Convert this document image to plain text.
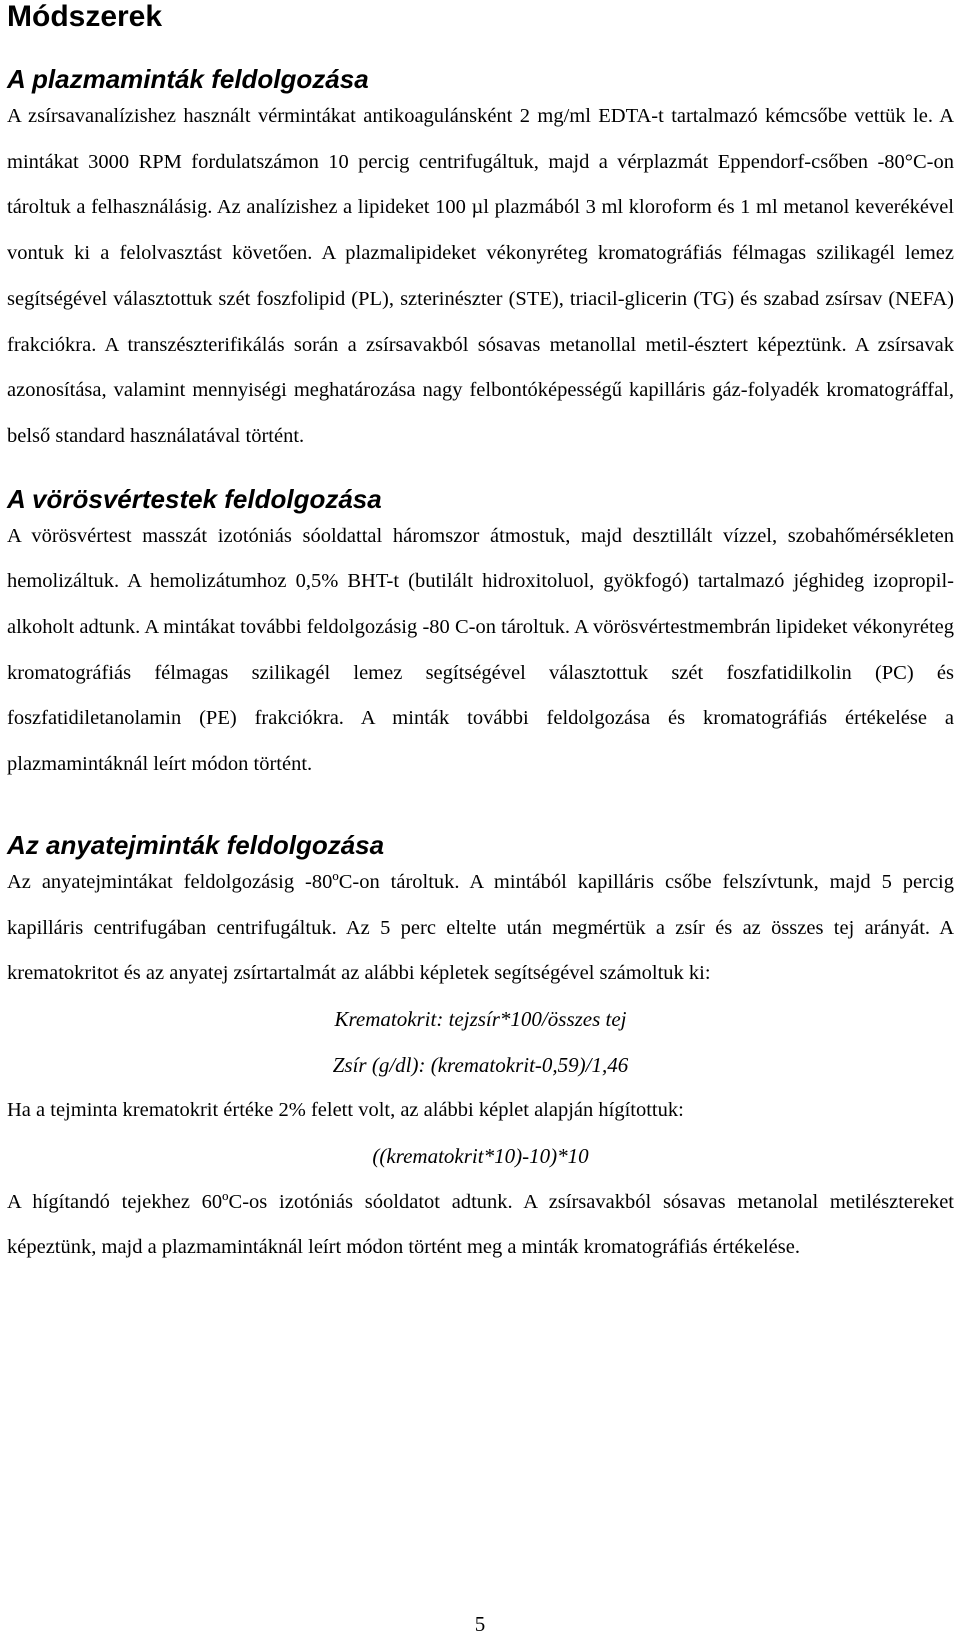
Módszerek
A plazmaminták feldolgozása

A zsírsavanalízishez használt vérmintákat antikoagulánsként 2 mg/ml EDTA-t tartalmazó kémcsőbe vettük le. A mintákat 3000 RPM fordulatszámon 10 percig centrifugáltuk, majd a vérplazmát Eppendorf-csőben -80°C-on tároltuk a felhasználásig. Az analízishez a lipideket 100 µl plazmából 3 ml kloroform és 1 ml metanol keverékével vontuk ki a felolvasztást követően. A plazmalipideket vékonyréteg kromatográfiás félmagas szilikagél lemez segítségével választottuk szét foszfolipid (PL), szterinészter (STE), triacil-glicerin (TG) és szabad zsírsav (NEFA) frakciókra. A transzészterifikálás során a zsírsavakból sósavas metanollal metil-észtert képeztünk. A zsírsavak azonosítása, valamint mennyiségi meghatározása nagy felbontóképességű kapilláris gáz-folyadék kromatográffal, belső standard használatával történt.

A vörösvértestek feldolgozása

A vörösvértest masszát izotóniás sóoldattal háromszor átmostuk, majd desztillált vízzel, szobahőmérsékleten hemolizáltuk. A hemolizátumhoz 0,5% BHT-t (butilált hidroxitoluol, gyökfogó) tartalmazó jéghideg izopropil-alkoholt adtunk. A mintákat további feldolgozásig -80 C-on tároltuk. A vörösvértestmembrán lipideket vékonyréteg kromatográfiás félmagas szilikagél lemez segítségével választottuk szét foszfatidilkolin (PC) és foszfatidiletanolamin (PE) frakciókra. A minták további feldolgozása és kromatográfiás értékelése a plazmamintáknál leírt módon történt.

Az anyatejminták feldolgozása

Az anyatejmintákat feldolgozásig -80ºC-on tároltuk. A mintából kapilláris csőbe felszívtunk, majd 5 percig kapilláris centrifugában centrifugáltuk. Az 5 perc eltelte után megmértük a zsír és az összes tej arányát. A krematokritot és az anyatej zsírtartalmát az alábbi képletek segítségével számoltuk ki:

Krematokrit: tejzsír*100/összes tej

Zsír (g/dl): (krematokrit-0,59)/1,46

Ha a tejminta krematokrit értéke 2% felett volt, az alábbi képlet alapján hígítottuk:

((krematokrit*10)-10)*10

A hígítandó tejekhez 60ºC-os izotóniás sóoldatot adtunk. A zsírsavakból sósavas metanolal metilésztereket képeztünk, majd a plazmamintáknál leírt módon történt meg a minták kromatográfiás értékelése.

5
